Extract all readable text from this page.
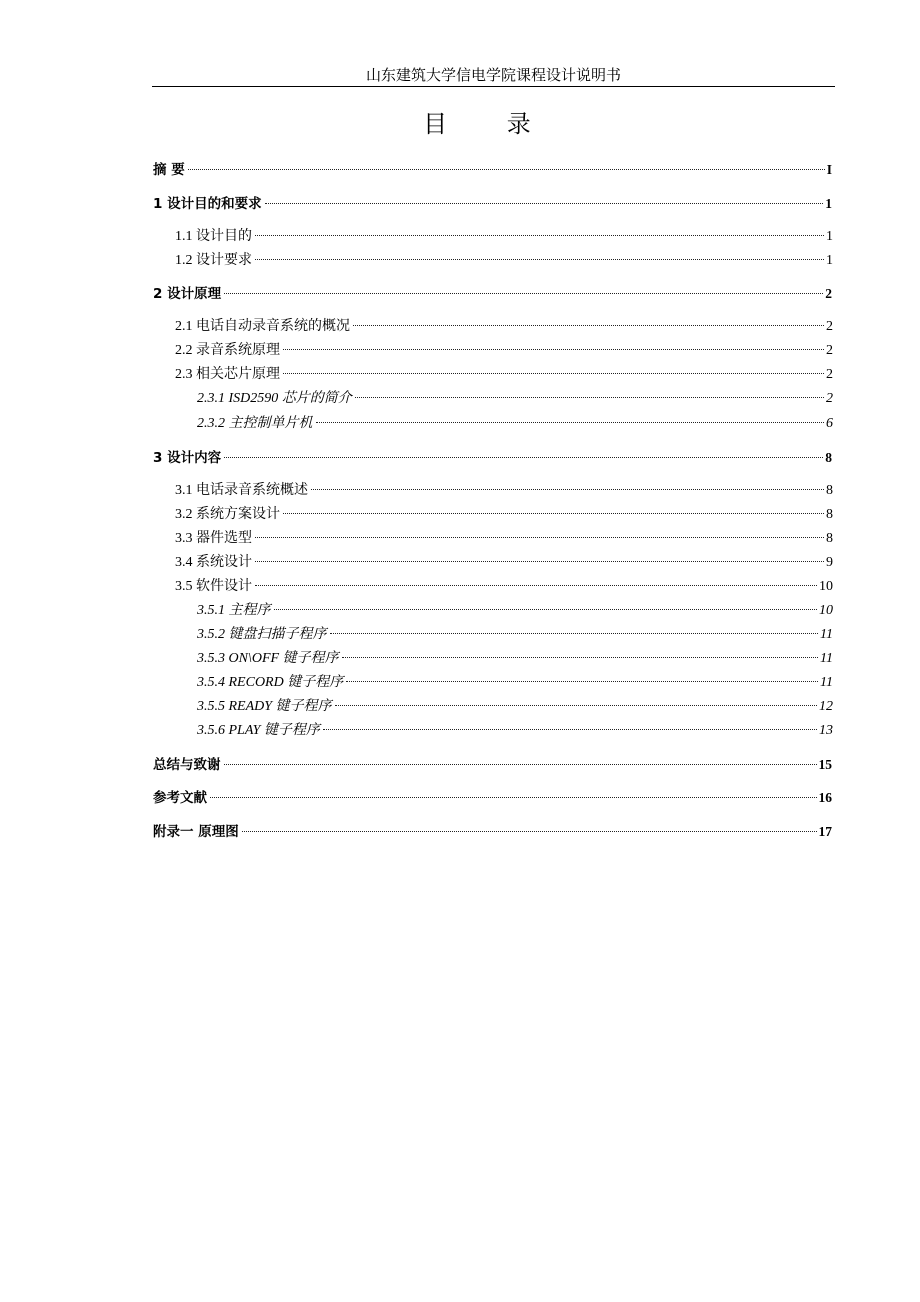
山东建筑大学信电学院课程设计说明书
目 录
摘 要	I
1 设计目的和要求	1
1.1 设计目的	1
1.2 设计要求	1
2 设计原理	2
2.1 电话自动录音系统的概况	2
2.2 录音系统原理	2
2.3 相关芯片原理	2
2.3.1 ISD2590 芯片的简介	2
2.3.2 主控制单片机	6
3 设计内容	8
3.1 电话录音系统概述	8
3.2 系统方案设计	8
3.3 器件选型	8
3.4 系统设计	9
3.5 软件设计	10
3.5.1 主程序	10
3.5.2 键盘扫描子程序	11
3.5.3 ON\OFF 键子程序	11
3.5.4 RECORD 键子程序	11
3.5.5 READY 键子程序	12
3.5.6 PLAY 键子程序	13
总结与致谢	15
参考文献	16
附录一 原理图	17
